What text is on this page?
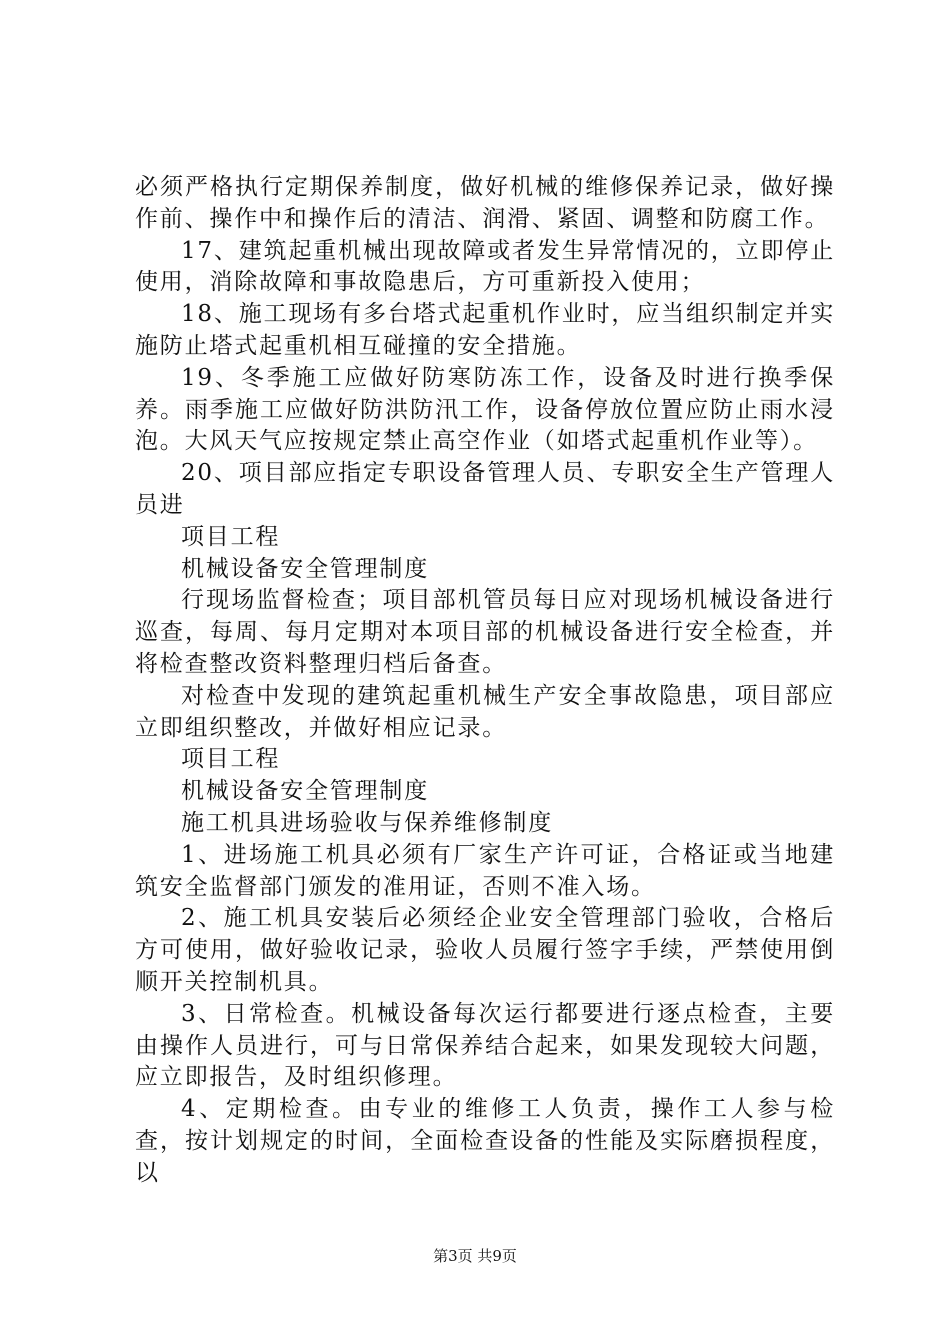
必须严格执行定期保养制度，做好机械的维修保养记录，做好操作前、操作中和操作后的清洁、润滑、紧固、调整和防腐工作。

17、建筑起重机械出现故障或者发生异常情况的，立即停止使用，消除故障和事故隐患后，方可重新投入使用；

18、施工现场有多台塔式起重机作业时，应当组织制定并实施防止塔式起重机相互碰撞的安全措施。

19、冬季施工应做好防寒防冻工作，设备及时进行换季保养。雨季施工应做好防洪防汛工作，设备停放位置应防止雨水浸泡。大风天气应按规定禁止高空作业（如塔式起重机作业等）。

20、项目部应指定专职设备管理人员、专职安全生产管理人员进

项目工程

机械设备安全管理制度

行现场监督检查；项目部机管员每日应对现场机械设备进行巡查，每周、每月定期对本项目部的机械设备进行安全检查，并将检查整改资料整理归档后备查。

对检查中发现的建筑起重机械生产安全事故隐患，项目部应立即组织整改，并做好相应记录。

项目工程

机械设备安全管理制度

施工机具进场验收与保养维修制度

1、进场施工机具必须有厂家生产许可证，合格证或当地建筑安全监督部门颁发的准用证，否则不准入场。

2、施工机具安装后必须经企业安全管理部门验收，合格后方可使用，做好验收记录，验收人员履行签字手续，严禁使用倒顺开关控制机具。

3、日常检查。机械设备每次运行都要进行逐点检查，主要由操作人员进行，可与日常保养结合起来，如果发现较大问题，应立即报告，及时组织修理。

4、定期检查。由专业的维修工人负责，操作工人参与检查，按计划规定的时间，全面检查设备的性能及实际磨损程度，以

第3页 共9页
